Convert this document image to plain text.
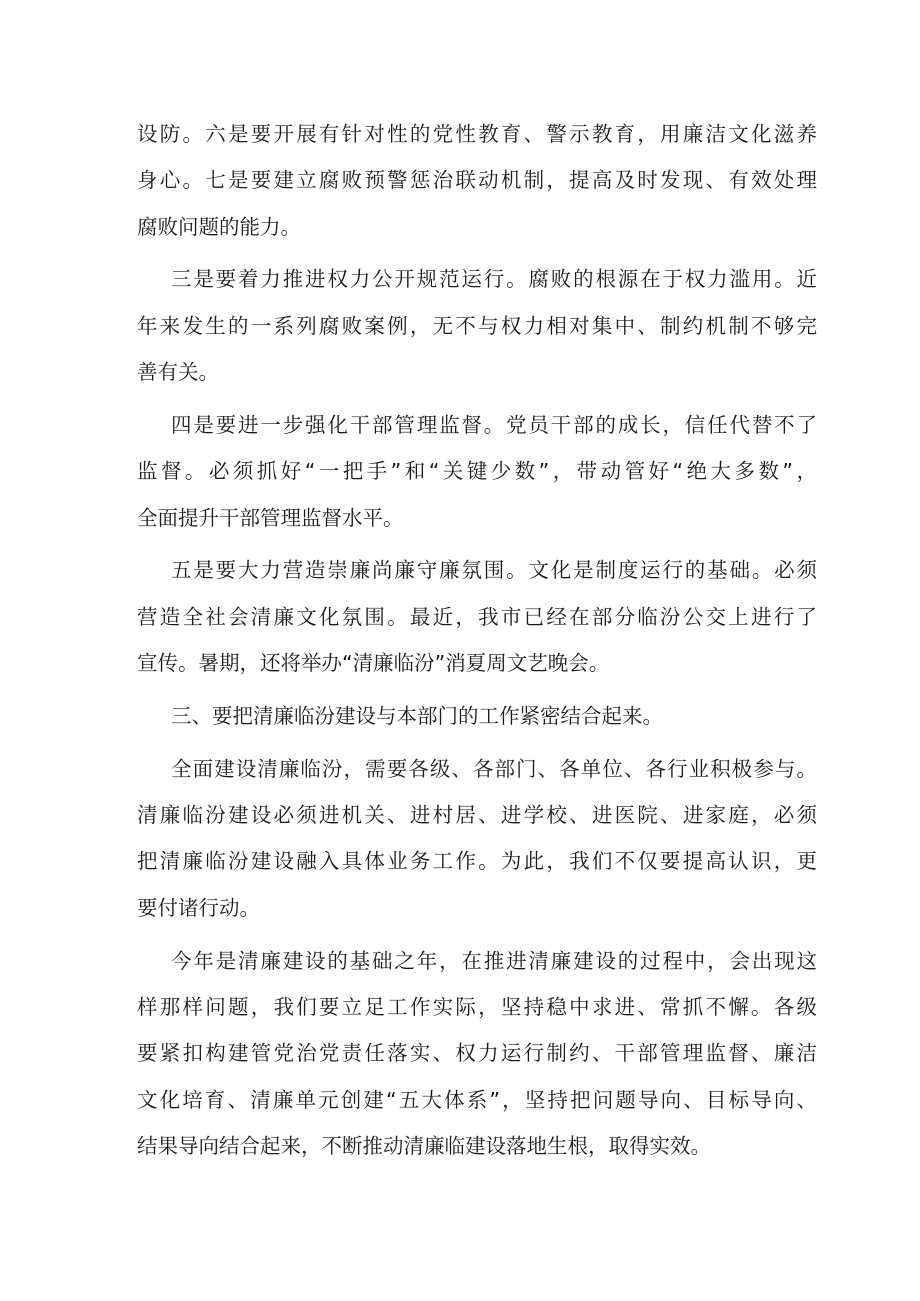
设防。六是要开展有针对性的党性教育、警示教育，用廉洁文化滋养
身心。七是要建立腐败预警惩治联动机制，提高及时发现、有效处理
腐败问题的能力。
三是要着力推进权力公开规范运行。腐败的根源在于权力滥用。近
年来发生的一系列腐败案例，无不与权力相对集中、制约机制不够完
善有关。
四是要进一步强化干部管理监督。党员干部的成长，信任代替不了
监督。必须抓好“一把手”和“关键少数”，带动管好“绝大多数”，
全面提升干部管理监督水平。
五是要大力营造崇廉尚廉守廉氛围。文化是制度运行的基础。必须
营造全社会清廉文化氛围。最近，我市已经在部分临汾公交上进行了
宣传。暑期，还将举办“清廉临汾”消夏周文艺晚会。
三、要把清廉临汾建设与本部门的工作紧密结合起来。
全面建设清廉临汾，需要各级、各部门、各单位、各行业积极参与。
清廉临汾建设必须进机关、进村居、进学校、进医院、进家庭，必须
把清廉临汾建设融入具体业务工作。为此，我们不仅要提高认识，更
要付诸行动。
今年是清廉建设的基础之年，在推进清廉建设的过程中，会出现这
样那样问题，我们要立足工作实际，坚持稳中求进、常抓不懈。各级
要紧扣构建管党治党责任落实、权力运行制约、干部管理监督、廉洁
文化培育、清廉单元创建“五大体系”，坚持把问题导向、目标导向、
结果导向结合起来，不断推动清廉临建设落地生根，取得实效。
